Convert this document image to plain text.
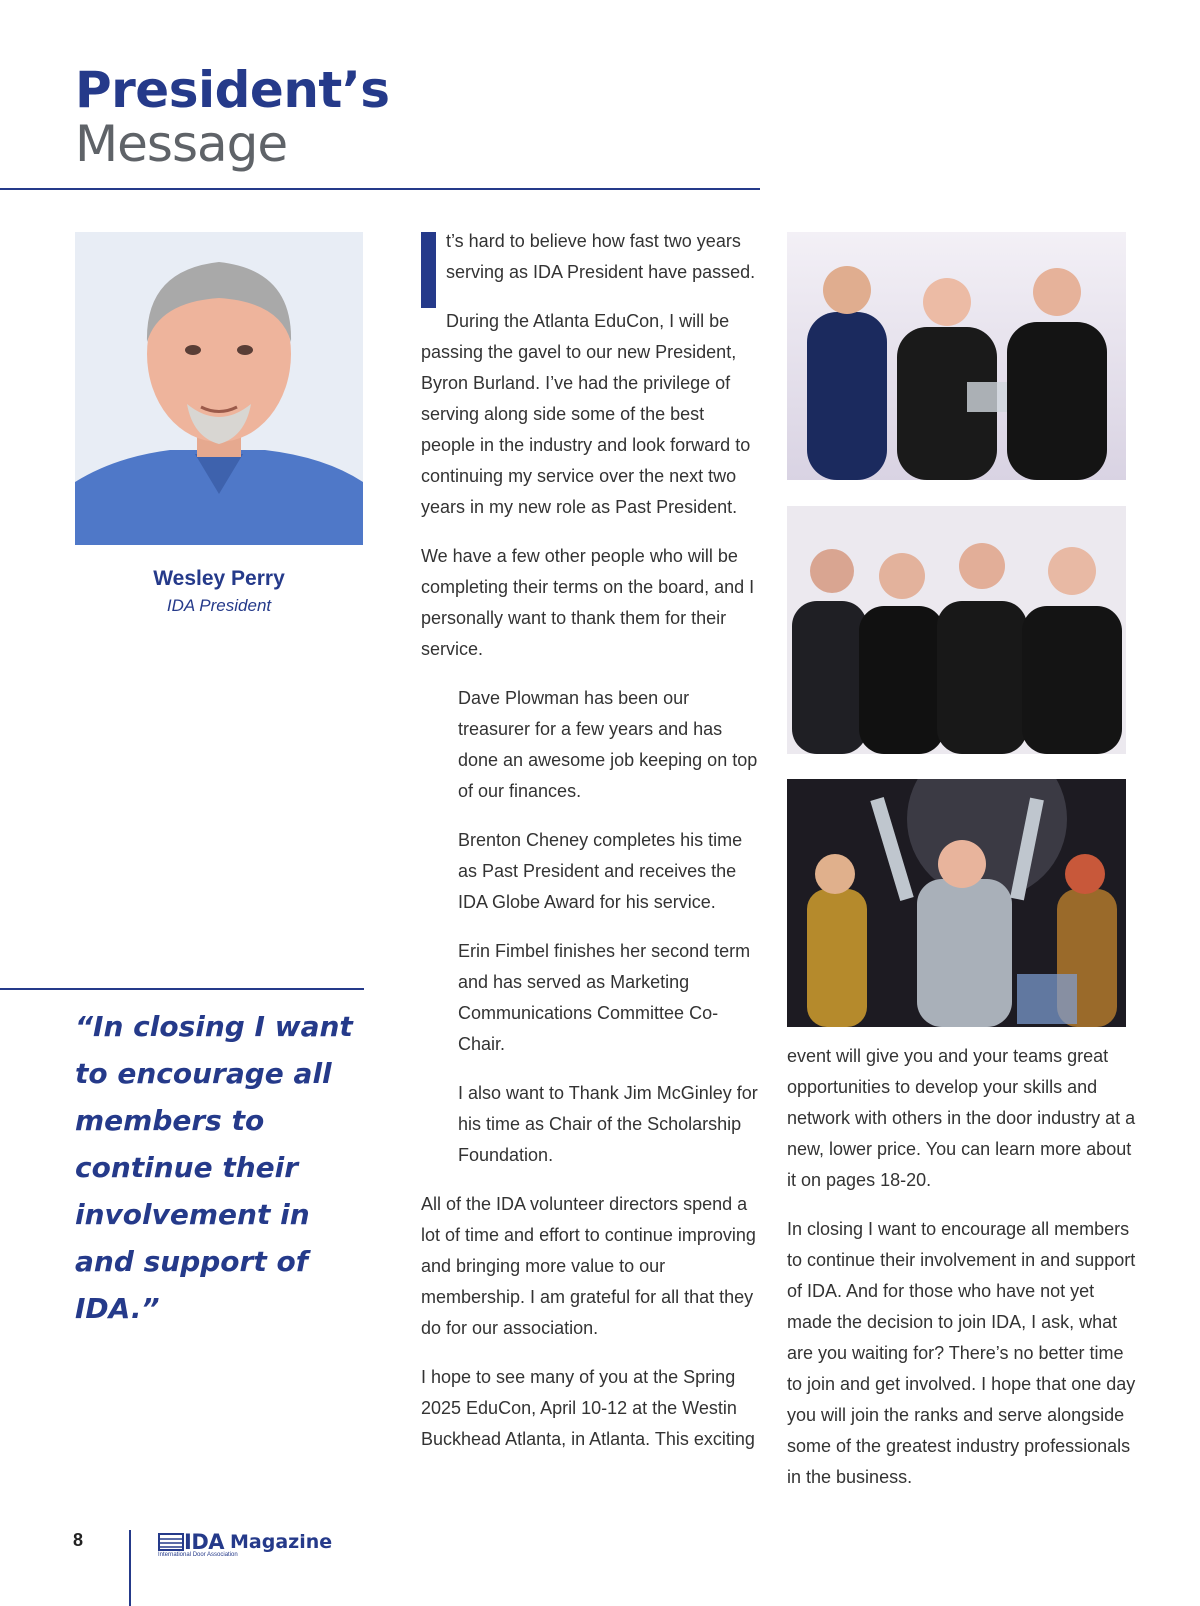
President’s
Message
Wesley Perry
IDA President

“In closing I want to encourage all members to continue their involvement in and support of IDA.”

t’s hard to believe how fast two years serving as IDA President have passed.

During the Atlanta EduCon, I will be passing the gavel to our new President, Byron Burland. I’ve had the privilege of serving along side some of the best people in the industry and look forward to continuing my service over the next two years in my new role as Past President.

We have a few other people who will be completing their terms on the board, and I personally want to thank them for their service.

Dave Plowman has been our treasurer for a few years and has done an awesome job keeping on top of our finances.

Brenton Cheney completes his time as Past President and receives the IDA Globe Award for his service.

Erin Fimbel finishes her second term and has served as Marketing Communications Committee Co-Chair.

I also want to Thank Jim McGinley for his time as Chair of the Scholarship Foundation.

All of the IDA volunteer directors spend a lot of time and effort to continue improving and bringing more value to our membership. I am grateful for all that they do for our association.

I hope to see many of you at the Spring 2025 EduCon, April 10-12 at the Westin Buckhead Atlanta, in Atlanta. This exciting

event will give you and your teams great opportunities to develop your skills and network with others in the door industry at a new, lower price. You can learn more about it on pages 18-20.

In closing I want to encourage all members to continue their involvement in and support of IDA. And for those who have not yet made the decision to join IDA, I ask, what are you waiting for? There’s no better time to join and get involved. I hope that one day you will join the ranks and serve alongside some of the greatest industry professionals in the business.

8	IDA Magazine
International Door Association
